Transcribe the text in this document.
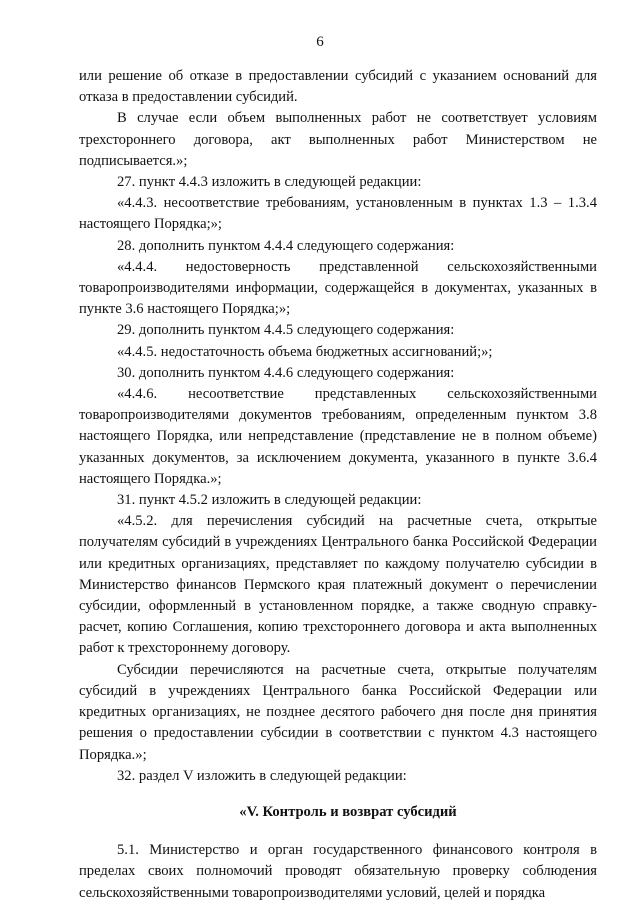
6

или решение об отказе в предоставлении субсидий с указанием оснований для отказа в предоставлении субсидий.

В случае если объем выполненных работ не соответствует условиям трехстороннего договора, акт выполненных работ Министерством не подписывается.»;

27. пункт 4.4.3 изложить в следующей редакции:

«4.4.3. несоответствие требованиям, установленным в пунктах 1.3 – 1.3.4 настоящего Порядка;»;

28. дополнить пунктом 4.4.4 следующего содержания:

«4.4.4. недостоверность представленной сельскохозяйственными товаропроизводителями информации, содержащейся в документах, указанных в пункте 3.6 настоящего Порядка;»;

29. дополнить пунктом 4.4.5 следующего содержания:

«4.4.5. недостаточность объема бюджетных ассигнований;»;

30. дополнить пунктом 4.4.6 следующего содержания:

«4.4.6. несоответствие представленных сельскохозяйственными товаропроизводителями документов требованиям, определенным пунктом 3.8 настоящего Порядка, или непредставление (представление не в полном объеме) указанных документов, за исключением документа, указанного в пункте 3.6.4 настоящего Порядка.»;

31. пункт 4.5.2 изложить в следующей редакции:

«4.5.2. для перечисления субсидий на расчетные счета, открытые получателям субсидий в учреждениях Центрального банка Российской Федерации или кредитных организациях, представляет по каждому получателю субсидии в Министерство финансов Пермского края платежный документ о перечислении субсидии, оформленный в установленном порядке, а также сводную справку-расчет, копию Соглашения, копию трехстороннего договора и акта выполненных работ к трехстороннему договору.

Субсидии перечисляются на расчетные счета, открытые получателям субсидий в учреждениях Центрального банка Российской Федерации или кредитных организациях, не позднее десятого рабочего дня после дня принятия решения о предоставлении субсидии в соответствии с пунктом 4.3 настоящего Порядка.»;

32. раздел V изложить в следующей редакции:

«V. Контроль и возврат субсидий

5.1. Министерство и орган государственного финансового контроля в пределах своих полномочий проводят обязательную проверку соблюдения сельскохозяйственными товаропроизводителями условий, целей и порядка
